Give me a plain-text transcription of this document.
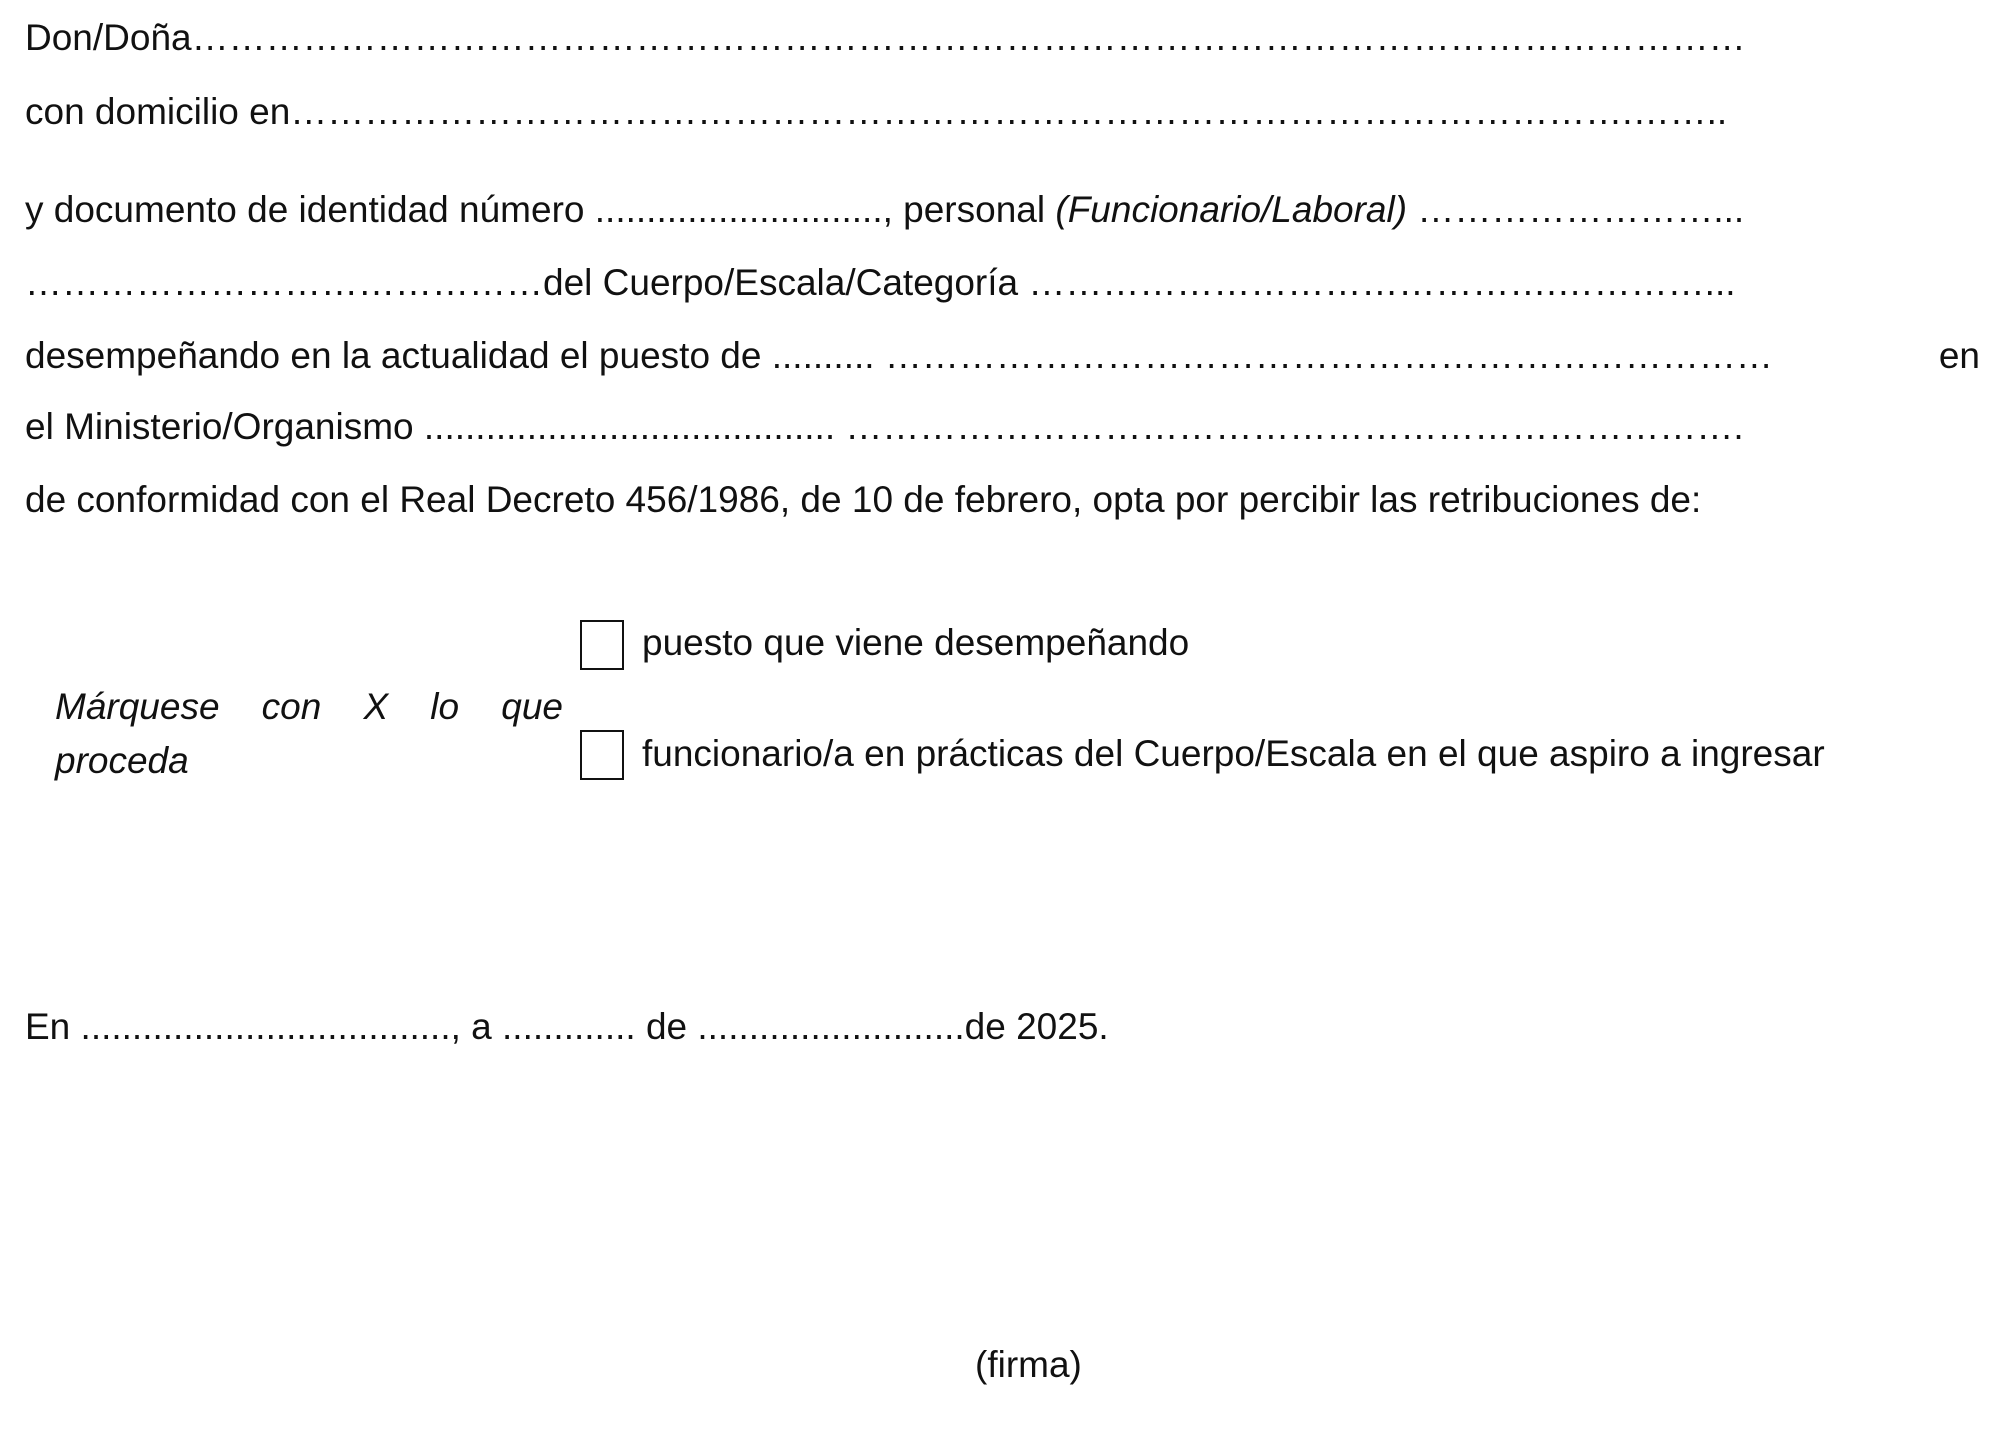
Don/Doña………………………………………………………………………………………………………………
con domicilio en……………………………………………………………………………………………….……..
y documento de identidad número ............................, personal (Funcionario/Laboral) ……………………...
……………………………………del Cuerpo/Escala/Categoría …………………………………….…………...
desempeñando en la actualidad el puesto de .......... ………………………………………………………………	en
el Ministerio/Organismo ........................................ ……………………………………………………………….
de conformidad con el Real Decreto 456/1986, de 10 de febrero, opta por percibir las retribuciones de:
Márquese con X lo que
proceda
puesto que viene desempeñando
funcionario/a en prácticas del Cuerpo/Escala en el que aspiro a ingresar
En ...................................., a ............. de ..........................de 2025.
(firma)
